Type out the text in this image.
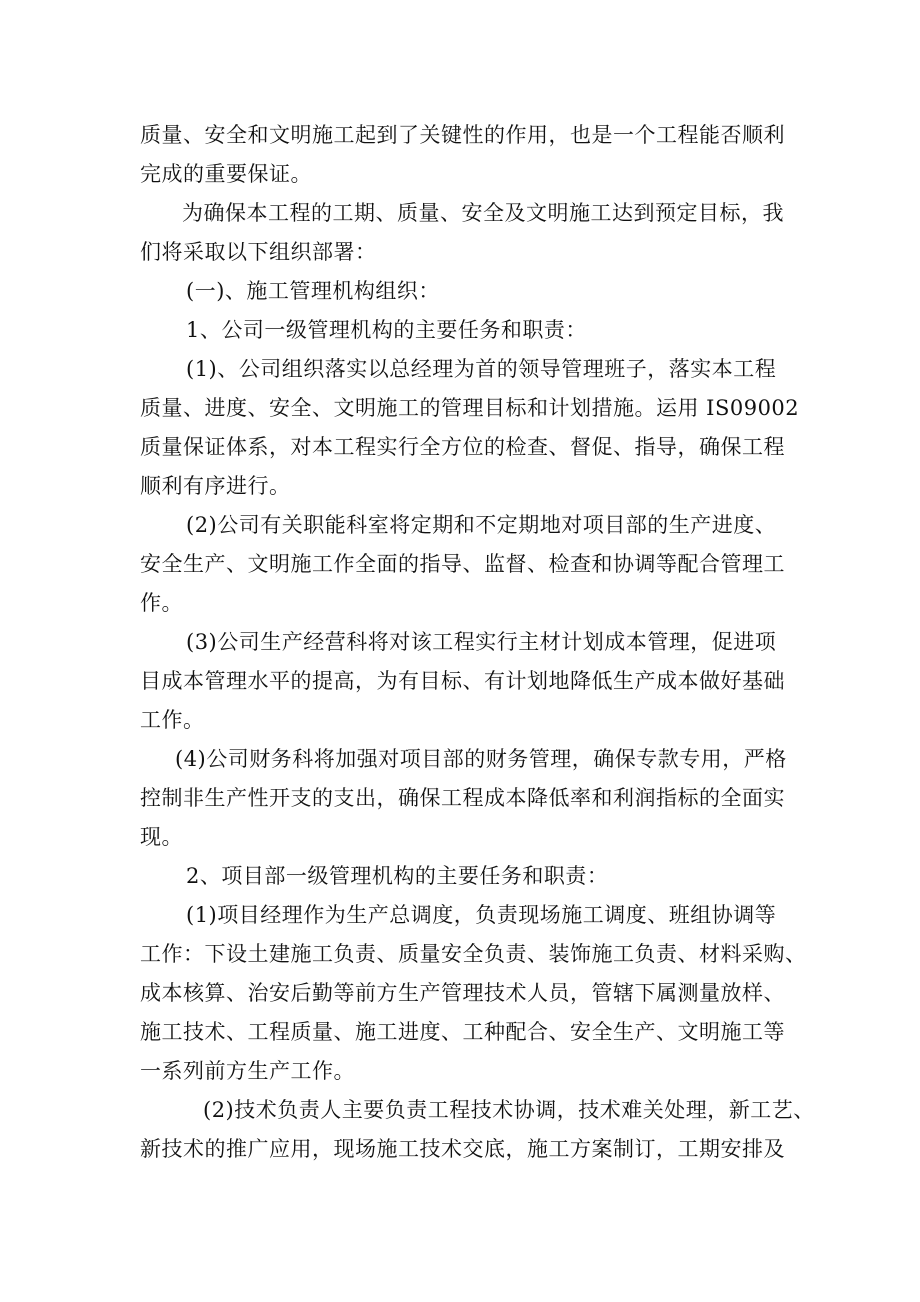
质量、安全和文明施工起到了关键性的作用，也是一个工程能否顺利
完成的重要保证。
为确保本工程的工期、质量、安全及文明施工达到预定目标，我
们将采取以下组织部署：
(一)、施工管理机构组织：
1、公司一级管理机构的主要任务和职责：
(1)、公司组织落实以总经理为首的领导管理班子，落实本工程
质量、进度、安全、文明施工的管理目标和计划措施。运用 IS09002
质量保证体系，对本工程实行全方位的检查、督促、指导，确保工程
顺利有序进行。
(2)公司有关职能科室将定期和不定期地对项目部的生产进度、
安全生产、文明施工作全面的指导、监督、检查和协调等配合管理工
作。
(3)公司生产经营科将对该工程实行主材计划成本管理，促进项
目成本管理水平的提高，为有目标、有计划地降低生产成本做好基础
工作。
(4)公司财务科将加强对项目部的财务管理，确保专款专用，严格
控制非生产性开支的支出，确保工程成本降低率和利润指标的全面实
现。
2、项目部一级管理机构的主要任务和职责：
(1)项目经理作为生产总调度，负责现场施工调度、班组协调等
工作：下设土建施工负责、质量安全负责、装饰施工负责、材料采购、
成本核算、治安后勤等前方生产管理技术人员，管辖下属测量放样、
施工技术、工程质量、施工进度、工种配合、安全生产、文明施工等
一系列前方生产工作。
(2)技术负责人主要负责工程技术协调，技术难关处理，新工艺、
新技术的推广应用，现场施工技术交底，施工方案制订，工期安排及
